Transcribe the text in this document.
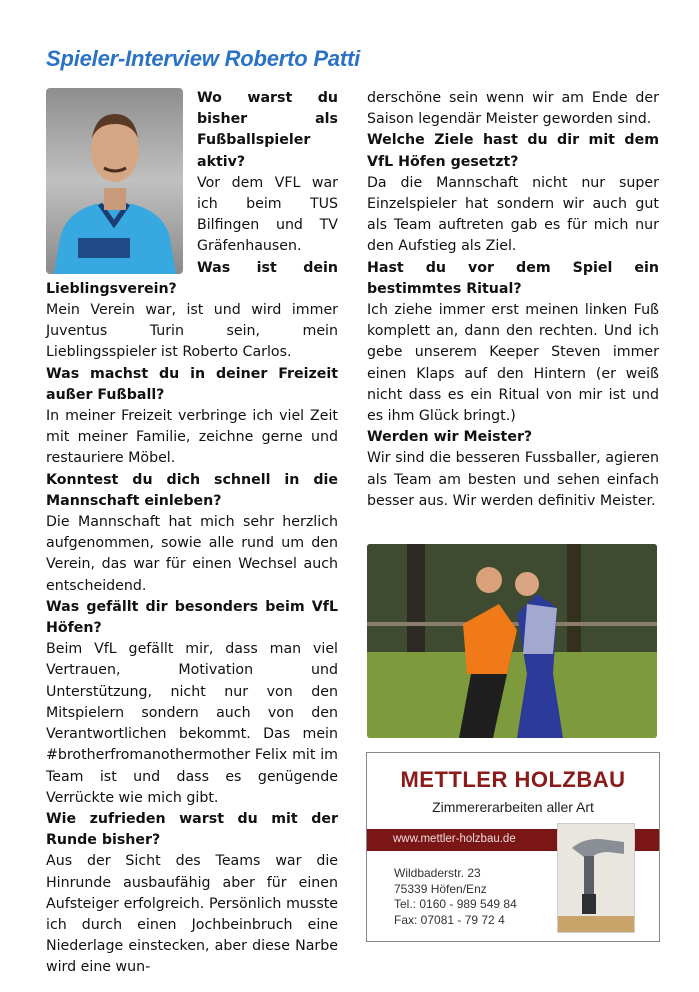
Spieler-Interview Roberto Patti

Wo warst du bisher als Fußballspieler aktiv?

Vor dem VFL war ich beim TUS Bilfingen und TV Gräfenhausen.

Was ist dein Lieblingsverein?

Mein Verein war, ist und wird immer Juventus Turin sein, mein Lieblingsspieler ist Roberto Carlos.

Was machst du in deiner Freizeit außer Fußball?

In meiner Freizeit verbringe ich viel Zeit mit meiner Familie, zeichne gerne und restauriere Möbel.

Konntest du dich schnell in die Mannschaft einleben?

Die Mannschaft hat mich sehr herzlich aufgenommen, sowie alle rund um den Verein, das war für einen Wechsel auch entscheidend.

Was gefällt dir besonders beim VfL Höfen?

Beim VfL gefällt mir, dass man viel Vertrauen, Motivation und Unterstützung, nicht nur von den Mitspielern sondern auch von den Verantwortlichen bekommt. Das mein #brotherfromanothermother Felix mit im Team ist und dass es genügende Verrückte wie mich gibt.

Wie zufrieden warst du mit der Runde bisher?

Aus der Sicht des Teams war die Hinrunde ausbaufähig aber für einen Aufsteiger erfolgreich. Persönlich musste ich durch einen Jochbeinbruch eine Niederlage einstecken, aber diese Narbe wird eine wun-

derschöne sein wenn wir am Ende der Saison legendär Meister geworden sind.

Welche Ziele hast du dir mit dem VfL Höfen gesetzt?

Da die Mannschaft nicht nur super Einzelspieler hat sondern wir auch gut als Team auftreten gab es für mich nur den Aufstieg als Ziel.

Hast du vor dem Spiel ein bestimmtes Ritual?

Ich ziehe immer erst meinen linken Fuß komplett an, dann den rechten. Und ich gebe unserem Keeper Steven immer einen Klaps auf den Hintern (er weiß nicht dass es ein Ritual von mir ist und es ihm Glück bringt.)

Werden wir Meister?

Wir sind die besseren Fussballer, agieren als Team am besten und sehen einfach besser aus. Wir werden definitiv Meister.

METTLER HOLZBAU
Zimmererarbeiten aller Art
www.mettler-holzbau.de
Wildbaderstr. 23
75339 Höfen/Enz
Tel.: 0160 - 989 549 84
Fax: 07081 - 79 72 4
